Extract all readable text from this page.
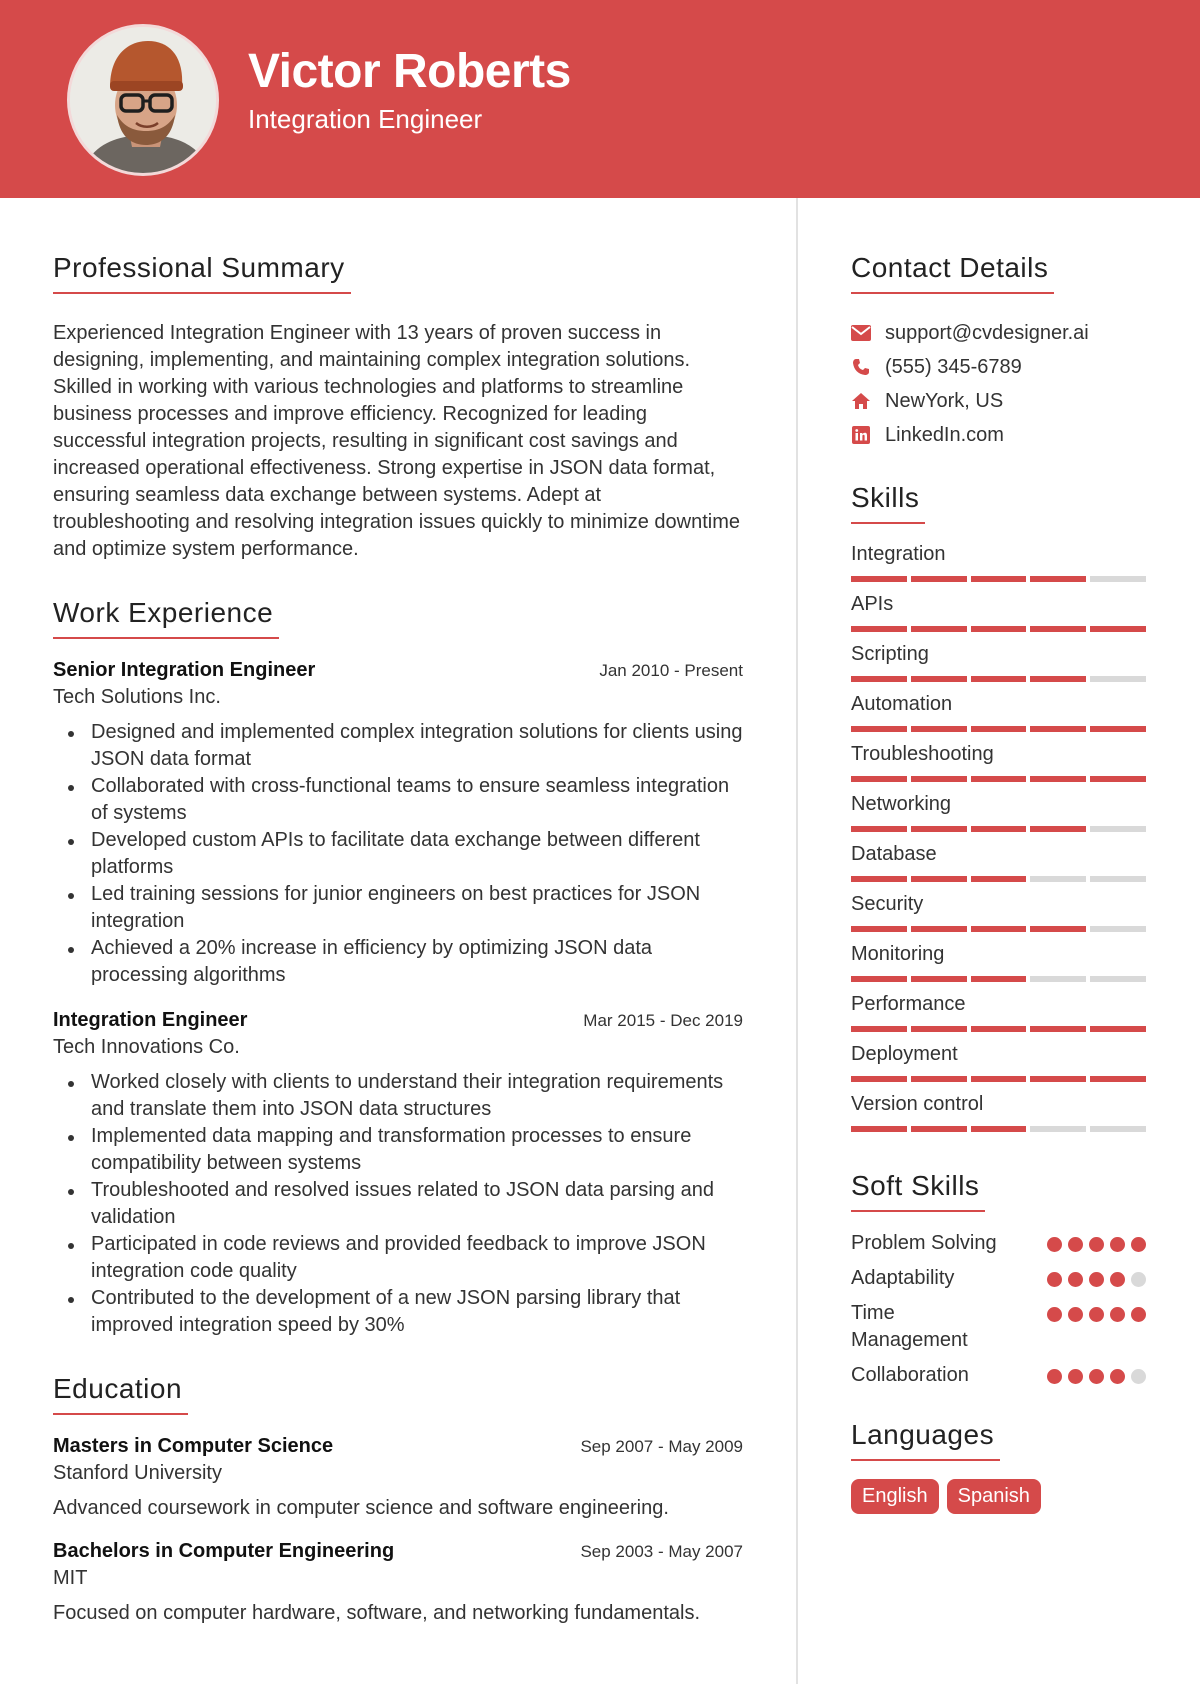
Victor Roberts
Integration Engineer
Professional Summary

Experienced Integration Engineer with 13 years of proven success in designing, implementing, and maintaining complex integration solutions. Skilled in working with various technologies and platforms to streamline business processes and improve efficiency. Recognized for leading successful integration projects, resulting in significant cost savings and increased operational effectiveness. Strong expertise in JSON data format, ensuring seamless data exchange between systems. Adept at troubleshooting and resolving integration issues quickly to minimize downtime and optimize system performance.

Work Experience
Senior Integration Engineer	Jan 2010 - Present
Tech Solutions Inc.
Designed and implemented complex integration solutions for clients using JSON data format
Collaborated with cross-functional teams to ensure seamless integration of systems
Developed custom APIs to facilitate data exchange between different platforms
Led training sessions for junior engineers on best practices for JSON integration
Achieved a 20% increase in efficiency by optimizing JSON data processing algorithms
Integration Engineer	Mar 2015 - Dec 2019
Tech Innovations Co.
Worked closely with clients to understand their integration requirements and translate them into JSON data structures
Implemented data mapping and transformation processes to ensure compatibility between systems
Troubleshooted and resolved issues related to JSON data parsing and validation
Participated in code reviews and provided feedback to improve JSON integration code quality
Contributed to the development of a new JSON parsing library that improved integration speed by 30%
Education
Masters in Computer Science	Sep 2007 - May 2009
Stanford University
Advanced coursework in computer science and software engineering.
Bachelors in Computer Engineering	Sep 2003 - May 2007
MIT
Focused on computer hardware, software, and networking fundamentals.
Contact Details
support@cvdesigner.ai
(555) 345-6789
NewYork, US
LinkedIn.com
Skills
Integration
APIs
Scripting
Automation
Troubleshooting
Networking
Database
Security
Monitoring
Performance
Deployment
Version control
Soft Skills
Problem Solving
Adaptability
Time Management
Collaboration
Languages
English	Spanish
